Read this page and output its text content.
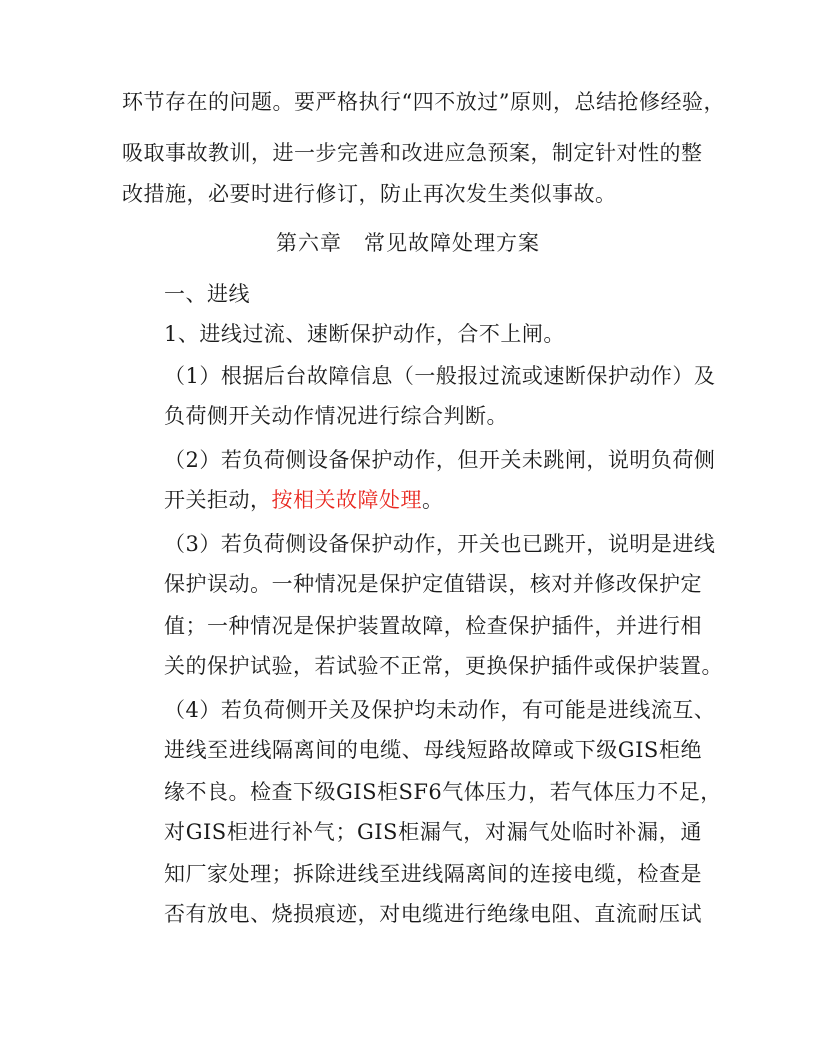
环节存在的问题。要严格执行“四不放过”原则，总结抢修经验，
吸取事故教训，进一步完善和改进应急预案，制定针对性的整
改措施，必要时进行修订，防止再次发生类似事故。
第六章　常见故障处理方案
一、进线
1、进线过流、速断保护动作，合不上闸。
（1）根据后台故障信息（一般报过流或速断保护动作）及
负荷侧开关动作情况进行综合判断。
（2）若负荷侧设备保护动作，但开关未跳闸，说明负荷侧
开关拒动，按相关故障处理。
（3）若负荷侧设备保护动作，开关也已跳开，说明是进线
保护误动。一种情况是保护定值错误，核对并修改保护定
值；一种情况是保护装置故障，检查保护插件，并进行相
关的保护试验，若试验不正常，更换保护插件或保护装置。
（4）若负荷侧开关及保护均未动作，有可能是进线流互、
进线至进线隔离间的电缆、母线短路故障或下级GIS柜绝
缘不良。检查下级GIS柜SF6气体压力，若气体压力不足，
对GIS柜进行补气；GIS柜漏气，对漏气处临时补漏，通
知厂家处理；拆除进线至进线隔离间的连接电缆，检查是
否有放电、烧损痕迹，对电缆进行绝缘电阻、直流耐压试
